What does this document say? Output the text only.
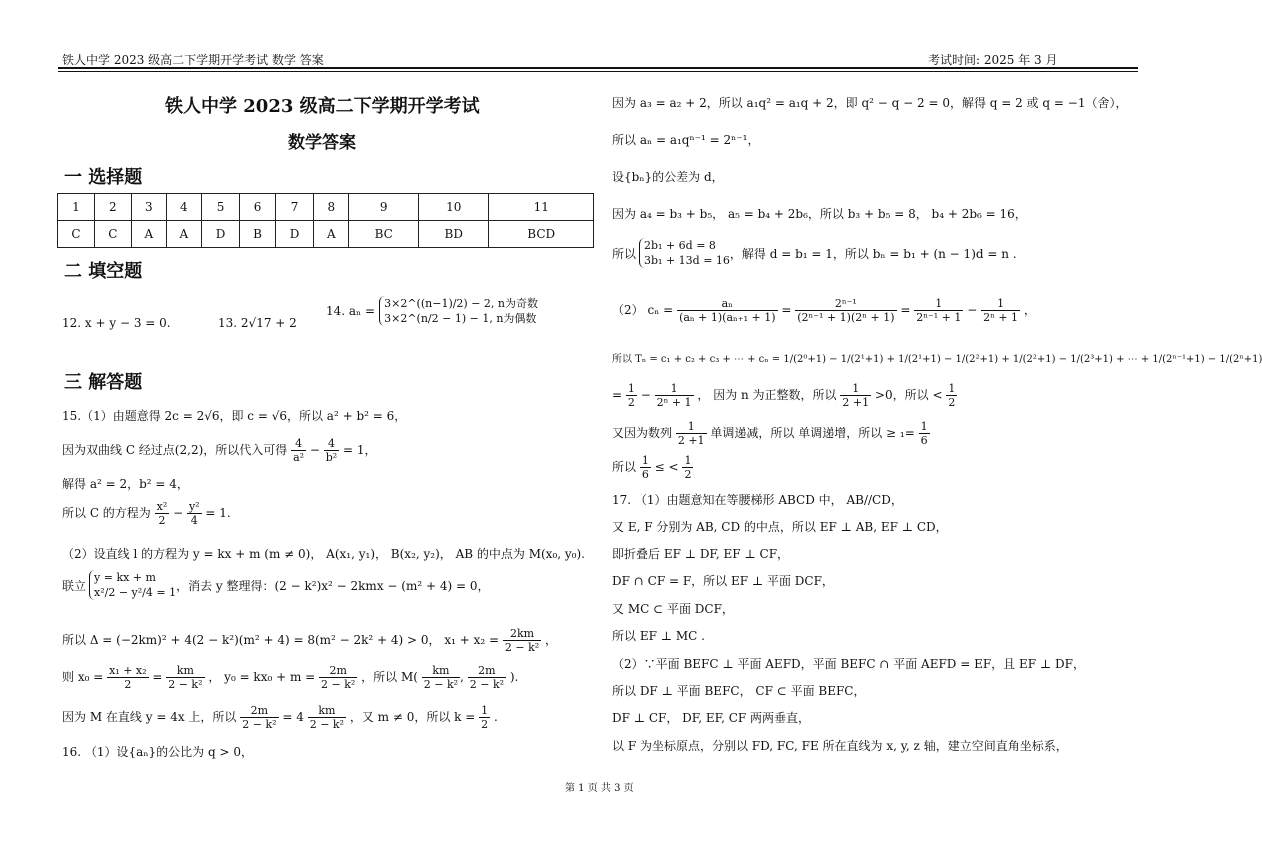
铁人中学 2023 级高二下学期开学考试 数学 答案	考试时间: 2025 年 3 月
铁人中学 2023 级高二下学期开学考试
数学答案
一 选择题
1	2	3	4	5	6	7	8	9	10	11
C	C	A	A	D	B	D	A	BC	BD	BCD
二 填空题
12. x + y − 3 = 0.	13. 2√17 + 2
14. aₙ =
3×2^((n−1)/2) − 2, n为奇数
3×2^(n/2 − 1) − 1, n为偶数
三 解答题
15.（1）由题意得 2c = 2√6，即 c = √6，所以 a² + b² = 6，
因为双曲线 C 经过点(2,2)，所以代入可得 $\frac{4}{\text{a²}} - \frac{4}{\text{b²}} = 1$，
解得 a² = 2，b² = 4，
所以 C 的方程为 $\frac{\text{x²}}{2} - \frac{\text{y²}}{4} = 1$.
（2）设直线 l 的方程为 y = kx + m (m ≠ 0)， A(x₁, y₁)， B(x₂, y₂)， AB 的中点为 M(x₀, y₀).
联立
y = kx + m
x²/2 − y²/4 = 1 ，消去 y 整理得：(2 − k²)x² − 2kmx − (m² + 4) = 0，
所以 Δ = (−2km)² + 4(2 − k²)(m² + 4) = 8(m² − 2k² + 4) > 0， $x_1 + x_2 = \frac{2km}{\text{2 − k²}}$ ，
则 $x_0 = \frac{\text{x₁ + x₂}}{2} = \frac{km}{\text{2 − k²}}$ ， $y_0 = kx_0 + m = \frac{2m}{\text{2 − k²}}$ ，所以 $M( \frac{km}{\text{2 − k²}}$ , $\frac{2m}{\text{2 − k²}}$ ).
因为 M 在直线 y = 4x 上，所以 $\frac{2m}{\text{2 − k²}} = 4 \frac{km}{\text{2 − k²}}$ ，又 m ≠ 0，所以 $k = \frac{1}{2}$ .
16. （1）设{aₙ}的公比为 q > 0，
因为 a₃ = a₂ + 2，所以 a₁q² = a₁q + 2，即 q² − q − 2 = 0，解得 q = 2 或 q = −1（舍），
所以 aₙ = a₁qⁿ⁻¹ = 2ⁿ⁻¹，
设{bₙ}的公差为 d，
因为 a₄ = b₃ + b₅， a₅ = b₄ + 2b₆，所以 b₃ + b₅ = 8， b₄ + 2b₆ = 16，
所以
2b₁ + 6d = 8
3b₁ + 13d = 16 ，解得 d = b₁ = 1，所以 bₙ = b₁ + (n − 1)d = n .
（2） $c_n = \frac{\text{aₙ}}{\text{(aₙ + 1)(aₙ₊₁ + 1)}} = \frac{\text{2ⁿ⁻¹}}{\text{(2ⁿ⁻¹ + 1)(2ⁿ + 1)}} = \frac{1}{\text{2ⁿ⁻¹ + 1}} - \frac{1}{\text{2ⁿ + 1}}$ ，
所以 Tₙ = c₁ + c₂ + c₃ + ⋯ + cₙ = 1/(2⁰+1) − 1/(2¹+1) + 1/(2¹+1) − 1/(2²+1) + 1/(2²+1) − 1/(2³+1) + ⋯ + 1/(2ⁿ⁻¹+1) − 1/(2ⁿ+1)
= $\frac{1}{2} - \frac{1}{\text{2ⁿ + 1}}$ ， 因为 n 为正整数，所以 $\frac{1}{2 +1} >0$，所以 < $\frac{1}{2}$
又因为数列 $\frac{1}{2 +1}$ 单调递减，所以 单调递增，所以 ≥ $_1= \frac{1}{6}$
所以 $\frac{1}{6}$ ≤ < $\frac{1}{2}$
17. （1）由题意知在等腰梯形 ABCD 中， AB//CD，
又 E, F 分别为 AB, CD 的中点，所以 EF ⊥ AB, EF ⊥ CD，
即折叠后 EF ⊥ DF, EF ⊥ CF，
DF ∩ CF = F，所以 EF ⊥ 平面 DCF，
又 MC ⊂ 平面 DCF，
所以 EF ⊥ MC .
（2）∵平面 BEFC ⊥ 平面 AEFD，平面 BEFC ∩ 平面 AEFD = EF，且 EF ⊥ DF，
所以 DF ⊥ 平面 BEFC， CF ⊂ 平面 BEFC，
DF ⊥ CF， DF, EF, CF 两两垂直，
以 F 为坐标原点，分别以 FD, FC, FE 所在直线为 x, y, z 轴，建立空间直角坐标系，
第 1 页 共 3 页
